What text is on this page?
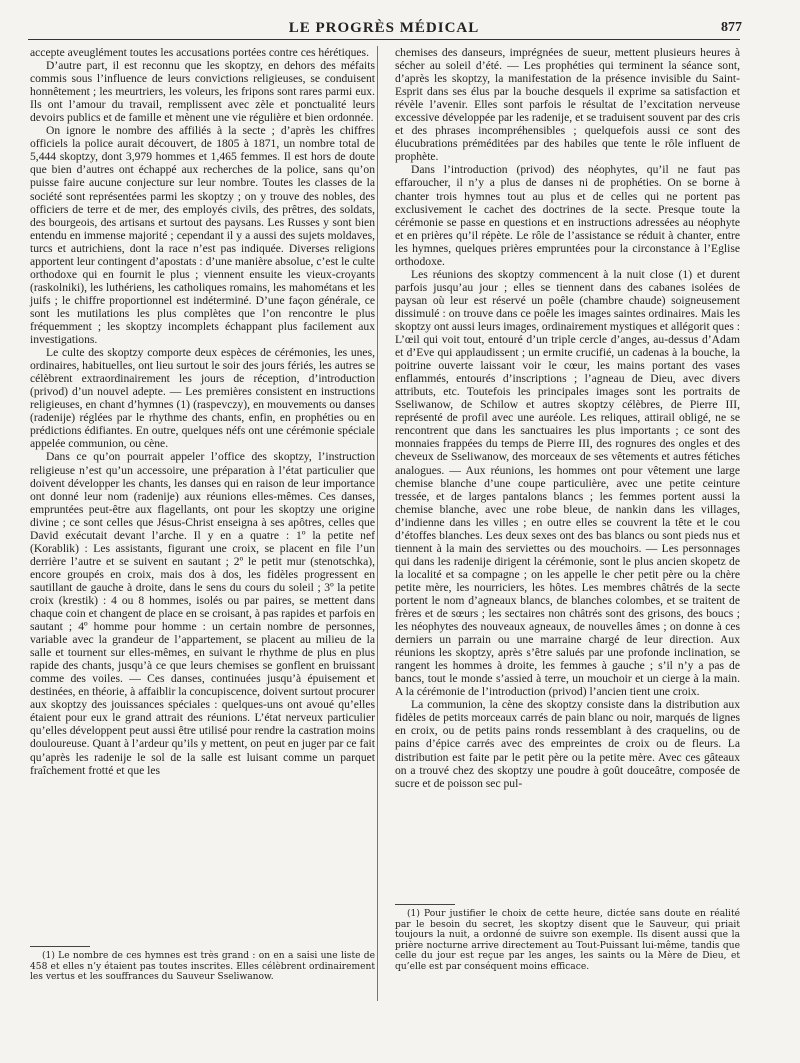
LE PROGRÈS MÉDICAL	877

accepte aveuglément toutes les accusations portées contre ces hérétiques.

D’autre part, il est reconnu que les skoptzy, en dehors des méfaits commis sous l’influence de leurs convictions religieuses, se conduisent honnêtement ; les meurtriers, les voleurs, les fripons sont rares parmi eux. Ils ont l’amour du travail, remplissent avec zèle et ponctualité leurs devoirs publics et de famille et mènent une vie régulière et bien ordonnée.

On ignore le nombre des affiliés à la secte ; d’après les chiffres officiels la police aurait découvert, de 1805 à 1871, un nombre total de 5,444 skoptzy, dont 3,979 hommes et 1,465 femmes. Il est hors de doute que bien d’autres ont échappé aux recherches de la police, sans qu’on puisse faire aucune conjecture sur leur nombre. Toutes les classes de la société sont représentées parmi les skoptzy ; on y trouve des nobles, des officiers de terre et de mer, des employés civils, des prêtres, des soldats, des bourgeois, des artisans et surtout des paysans. Les Russes y sont bien entendu en immense majorité ; cependant il y a aussi des sujets moldaves, turcs et autrichiens, dont la race n’est pas indiquée. Diverses religions apportent leur contingent d’apostats : d’une manière absolue, c’est le culte orthodoxe qui en fournit le plus ; viennent ensuite les vieux-croyants (raskolniki), les luthériens, les catholiques romains, les mahométans et les juifs ; le chiffre proportionnel est indéterminé. D’une façon générale, ce sont les mutilations les plus complètes que l’on rencontre le plus fréquemment ; les skoptzy incomplets échappant plus facilement aux investigations.

Le culte des skoptzy comporte deux espèces de cérémonies, les unes, ordinaires, habituelles, ont lieu surtout le soir des jours fériés, les autres se célèbrent extraordinairement les jours de réception, d’introduction (privod) d’un nouvel adepte. — Les premières consistent en instructions religieuses, en chant d’hymnes (1) (raspevczy), en mouvements ou danses (radenije) réglées par le rhythme des chants, enfin, en prophéties ou en prédictions édifiantes. En outre, quelques néfs ont une cérémonie spéciale appelée communion, ou cène.

Dans ce qu’on pourrait appeler l’office des skoptzy, l’instruction religieuse n’est qu’un accessoire, une préparation à l’état particulier que doivent développer les chants, les danses qui en raison de leur importance ont donné leur nom (radenije) aux réunions elles-mêmes. Ces danses, empruntées peut-être aux flagellants, ont pour les skoptzy une origine divine ; ce sont celles que Jésus-Christ enseigna à ses apôtres, celles que David exécutait devant l’arche. Il y en a quatre : 1º la petite nef (Korablik) : Les assistants, figurant une croix, se placent en file l’un derrière l’autre et se suivent en sautant ; 2º le petit mur (stenotschka), encore groupés en croix, mais dos à dos, les fidèles progressent en sautillant de gauche à droite, dans le sens du cours du soleil ; 3º la petite croix (krestik) : 4 ou 8 hommes, isolés ou par paires, se mettent dans chaque coin et changent de place en se croisant, à pas rapides et parfois en sautant ; 4º homme pour homme : un certain nombre de personnes, variable avec la grandeur de l’appartement, se placent au milieu de la salle et tournent sur elles-mêmes, en suivant le rhythme de plus en plus rapide des chants, jusqu’à ce que leurs chemises se gonflent en bruissant comme des voiles. — Ces danses, continuées jusqu’à épuisement et destinées, en théorie, à affaiblir la concupiscence, doivent surtout procurer aux skoptzy des jouissances spéciales : quelques-uns ont avoué qu’elles étaient pour eux le grand attrait des réunions. L’état nerveux particulier qu’elles développent peut aussi être utilisé pour rendre la castration moins douloureuse. Quant à l’ardeur qu’ils y mettent, on peut en juger par ce fait qu’après les radenije le sol de la salle est luisant comme un parquet fraîchement frotté et que les

chemises des danseurs, imprégnées de sueur, mettent plusieurs heures à sécher au soleil d’été. — Les prophéties qui terminent la séance sont, d’après les skoptzy, la manifestation de la présence invisible du Saint-Esprit dans ses élus par la bouche desquels il exprime sa satisfaction et révèle l’avenir. Elles sont parfois le résultat de l’excitation nerveuse excessive développée par les radenije, et se traduisent souvent par des cris et des phrases incompréhensibles ; quelquefois aussi ce sont des élucubrations préméditées par des habiles que tente le rôle influent de prophète.

Dans l’introduction (privod) des néophytes, qu’il ne faut pas effaroucher, il n’y a plus de danses ni de prophéties. On se borne à chanter trois hymnes tout au plus et de celles qui ne portent pas exclusivement le cachet des doctrines de la secte. Presque toute la cérémonie se passe en questions et en instructions adressées au néophyte et en prières qu’il répète. Le rôle de l’assistance se réduit à chanter, entre les hymnes, quelques prières empruntées pour la circonstance à l’Eglise orthodoxe.

Les réunions des skoptzy commencent à la nuit close (1) et durent parfois jusqu’au jour ; elles se tiennent dans des cabanes isolées de paysan où leur est réservé un poêle (chambre chaude) soigneusement dissimulé : on trouve dans ce poêle les images saintes ordinaires. Mais les skoptzy ont aussi leurs images, ordinairement mystiques et allégorit ques : L’œil qui voit tout, entouré d’un triple cercle d’anges, au-dessus d’Adam et d’Eve qui applaudissent ; un ermite crucifié, un cadenas à la bouche, la poitrine ouverte laissant voir le cœur, les mains portant des vases enflammés, entourés d’inscriptions ; l’agneau de Dieu, avec divers attributs, etc. Toutefois les principales images sont les portraits de Sseliwanow, de Schilow et autres skoptzy célèbres, de Pierre III, représenté de profil avec une auréole. Les reliques, attirail obligé, ne se rencontrent que dans les sanctuaires les plus importants ; ce sont des monnaies frappées du temps de Pierre III, des rognures des ongles et des cheveux de Sseliwanow, des morceaux de ses vêtements et autres fétiches analogues. — Aux réunions, les hommes ont pour vêtement une large chemise blanche d’une coupe particulière, avec une petite ceinture tressée, et de larges pantalons blancs ; les femmes portent aussi la chemise blanche, avec une robe bleue, de nankin dans les villages, d’indienne dans les villes ; en outre elles se couvrent la tête et le cou d’étoffes blanches. Les deux sexes ont des bas blancs ou sont pieds nus et tiennent à la main des serviettes ou des mouchoirs. — Les personnages qui dans les radenije dirigent la cérémonie, sont le plus ancien skopetz de la localité et sa compagne ; on les appelle le cher petit père ou la chère petite mère, les nourriciers, les hôtes. Les membres châtrés de la secte portent le nom d’agneaux blancs, de blanches colombes, et se traitent de frères et de sœurs ; les sectaires non châtrés sont des grisons, des boucs ; les néophytes des nouveaux agneaux, de nouvelles âmes ; on donne à ces derniers un parrain ou une marraine chargé de leur direction. Aux réunions les skoptzy, après s’être salués par une profonde inclination, se rangent les hommes à droite, les femmes à gauche ; s’il n’y a pas de bancs, tout le monde s’assied à terre, un mouchoir et un cierge à la main. A la cérémonie de l’introduction (privod) l’ancien tient une croix.

La communion, la cène des skoptzy consiste dans la distribution aux fidèles de petits morceaux carrés de pain blanc ou noir, marqués de lignes en croix, ou de petits pains ronds ressemblant à des craquelins, ou de pains d’épice carrés avec des empreintes de croix ou de fleurs. La distribution est faite par le petit père ou la petite mère. Avec ces gâteaux on a trouvé chez des skoptzy une poudre à goût douceâtre, composée de sucre et de poisson sec pul-

(1) Le nombre de ces hymnes est très grand : on en a saisi une liste de 458 et elles n’y étaient pas toutes inscrites. Elles célèbrent ordinairement les vertus et les souffrances du Sauveur Sseliwanow.

(1) Pour justifier le choix de cette heure, dictée sans doute en réalité par le besoin du secret, les skoptzy disent que le Sauveur, qui priait toujours la nuit, a ordonné de suivre son exemple. Ils disent aussi que la prière nocturne arrive directement au Tout-Puissant lui-même, tandis que celle du jour est reçue par les anges, les saints ou la Mère de Dieu, et qu’elle est par conséquent moins efficace.
